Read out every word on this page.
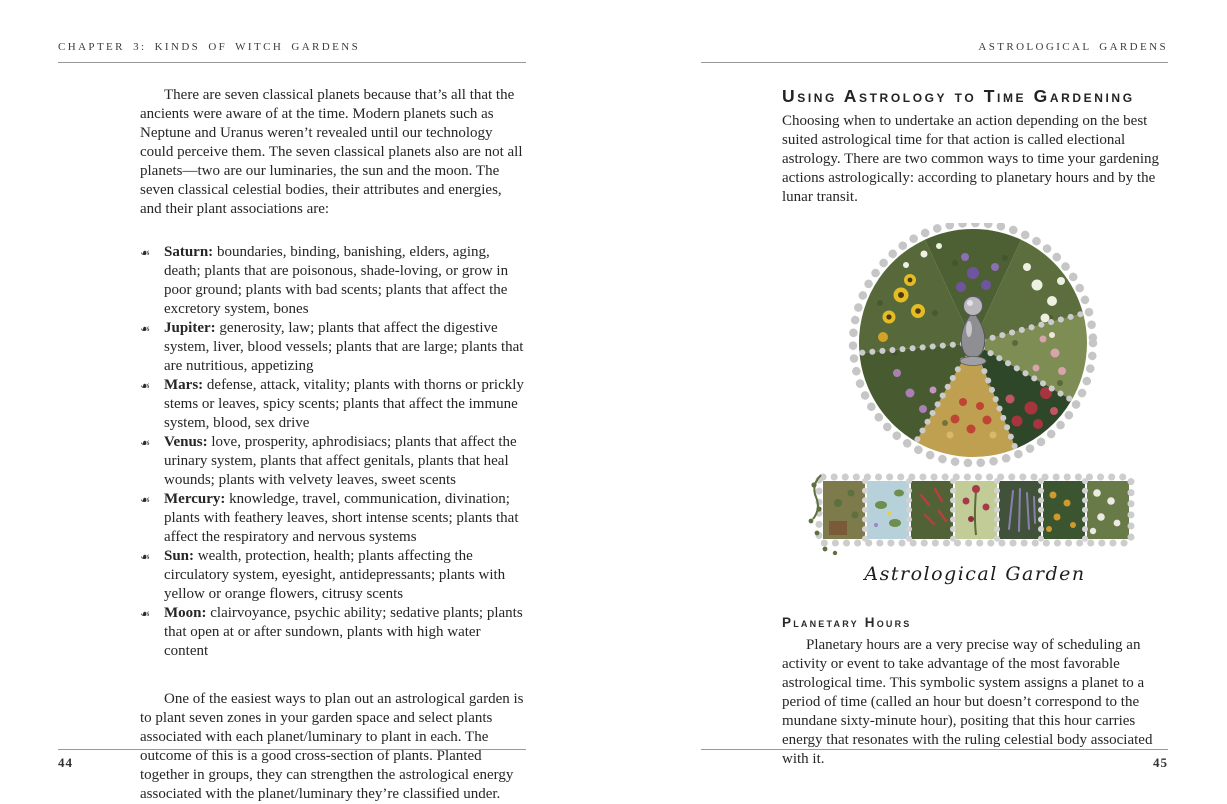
CHAPTER 3: KINDS OF WITCH GARDENS

There are seven classical planets because that’s all that the ancients were aware of at the time. Modern planets such as Neptune and Uranus weren’t revealed until our technology could perceive them. The seven classical planets also are not all planets—two are our luminaries, the sun and the moon. The seven classical celestial bodies, their attributes and energies, and their plant associations are:

❧ Saturn: boundaries, binding, banishing, elders, aging, death; plants that are poisonous, shade-loving, or grow in poor ground; plants with bad scents; plants that affect the excretory system, bones
❧ Jupiter: generosity, law; plants that affect the digestive system, liver, blood vessels; plants that are large; plants that are nutritious, appetizing
❧ Mars: defense, attack, vitality; plants with thorns or prickly stems or leaves, spicy scents; plants that affect the immune system, blood, sex drive
❧ Venus: love, prosperity, aphrodisiacs; plants that affect the urinary system, plants that affect genitals, plants that heal wounds; plants with velvety leaves, sweet scents
❧ Mercury: knowledge, travel, communication, divination; plants with feathery leaves, short intense scents; plants that affect the respiratory and nervous systems
❧ Sun: wealth, protection, health; plants affecting the circulatory system, eyesight, antidepressants; plants with yellow or orange flowers, citrusy scents
❧ Moon: clairvoyance, psychic ability; sedative plants; plants that open at or after sundown, plants with high water content

One of the easiest ways to plan out an astrological garden is to plant seven zones in your garden space and select plants associated with each planet/luminary to plant in each. The outcome of this is a good cross-section of plants. Planted together in groups, they can strengthen the astrological energy associated with the planet/luminary they’re classified under.

44
ASTROLOGICAL GARDENS
Using Astrology to Time Gardening

Choosing when to undertake an action depending on the best suited astrological time for that action is called electional astrology. There are two common ways to time your gardening actions astrologically: according to planetary hours and by the lunar transit.

Astrological Garden
Planetary Hours

Planetary hours are a very precise way of scheduling an activity or event to take advantage of the most favorable astrological time. This symbolic system assigns a planet to a period of time (called an hour but doesn’t correspond to the mundane sixty-minute hour), positing that this hour carries energy that resonates with the ruling celestial body associated with it.	45
